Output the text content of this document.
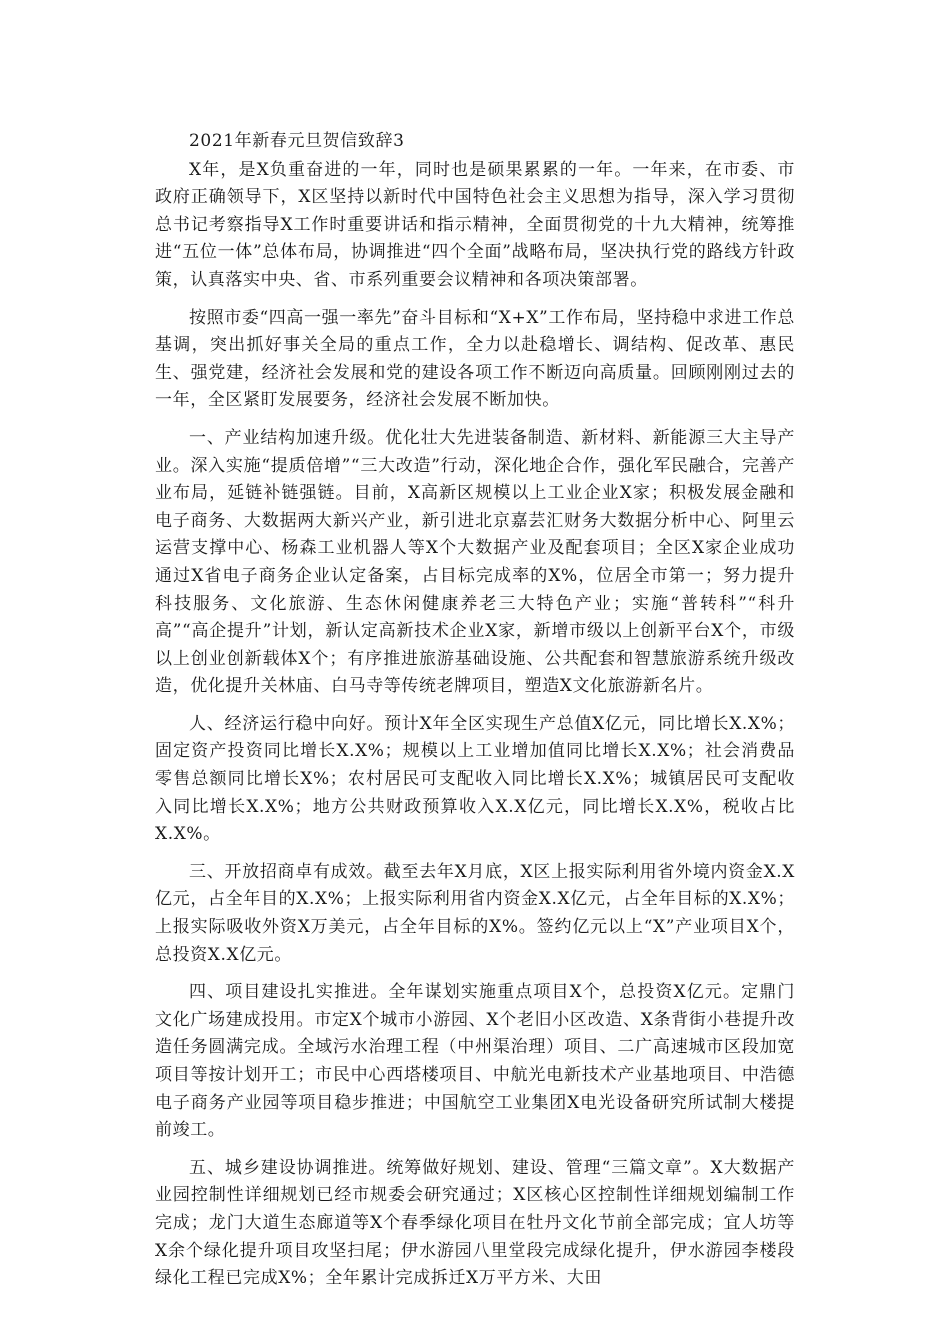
2021年新春元旦贺信致辞3

X年，是X负重奋进的一年，同时也是硕果累累的一年。一年来，在市委、市政府正确领导下，X区坚持以新时代中国特色社会主义思想为指导，深入学习贯彻总书记考察指导X工作时重要讲话和指示精神，全面贯彻党的十九大精神，统筹推进“五位一体”总体布局，协调推进“四个全面”战略布局，坚决执行党的路线方针政策，认真落实中央、省、市系列重要会议精神和各项决策部署。

按照市委“四高一强一率先”奋斗目标和“X+X”工作布局，坚持稳中求进工作总基调，突出抓好事关全局的重点工作，全力以赴稳增长、调结构、促改革、惠民生、强党建，经济社会发展和党的建设各项工作不断迈向高质量。回顾刚刚过去的一年，全区紧盯发展要务，经济社会发展不断加快。

一、产业结构加速升级。优化壮大先进装备制造、新材料、新能源三大主导产业。深入实施“提质倍增”“三大改造”行动，深化地企合作，强化军民融合，完善产业布局，延链补链强链。目前，X高新区规模以上工业企业X家；积极发展金融和电子商务、大数据两大新兴产业，新引进北京嘉芸汇财务大数据分析中心、阿里云运营支撑中心、杨森工业机器人等X个大数据产业及配套项目；全区X家企业成功通过X省电子商务企业认定备案，占目标完成率的X%，位居全市第一；努力提升科技服务、文化旅游、生态休闲健康养老三大特色产业；实施“普转科”“科升高”“高企提升”计划，新认定高新技术企业X家，新增市级以上创新平台X个，市级以上创业创新载体X个；有序推进旅游基础设施、公共配套和智慧旅游系统升级改造，优化提升关林庙、白马寺等传统老牌项目，塑造X文化旅游新名片。

人、经济运行稳中向好。预计X年全区实现生产总值X亿元，同比增长X.X%；固定资产投资同比增长X.X%；规模以上工业增加值同比增长X.X%；社会消费品零售总额同比增长X%；农村居民可支配收入同比增长X.X%；城镇居民可支配收入同比增长X.X%；地方公共财政预算收入X.X亿元，同比增长X.X%，税收占比X.X%。

三、开放招商卓有成效。截至去年X月底，X区上报实际利用省外境内资金X.X亿元，占全年目的X.X%；上报实际利用省内资金X.X亿元，占全年目标的X.X%；上报实际吸收外资X万美元，占全年目标的X%。签约亿元以上“X”产业项目X个，总投资X.X亿元。

四、项目建设扎实推进。全年谋划实施重点项目X个，总投资X亿元。定鼎门文化广场建成投用。市定X个城市小游园、X个老旧小区改造、X条背街小巷提升改造任务圆满完成。全域污水治理工程（中州渠治理）项目、二广高速城市区段加宽项目等按计划开工；市民中心西塔楼项目、中航光电新技术产业基地项目、中浩德电子商务产业园等项目稳步推进；中国航空工业集团X电光设备研究所试制大楼提前竣工。

五、城乡建设协调推进。统筹做好规划、建设、管理“三篇文章”。X大数据产业园控制性详细规划已经市规委会研究通过；X区核心区控制性详细规划编制工作完成；龙门大道生态廊道等X个春季绿化项目在牡丹文化节前全部完成；宜人坊等X余个绿化提升项目攻坚扫尾；伊水游园八里堂段完成绿化提升，伊水游园李楼段绿化工程已完成X%；全年累计完成拆迁X万平方米、大田
